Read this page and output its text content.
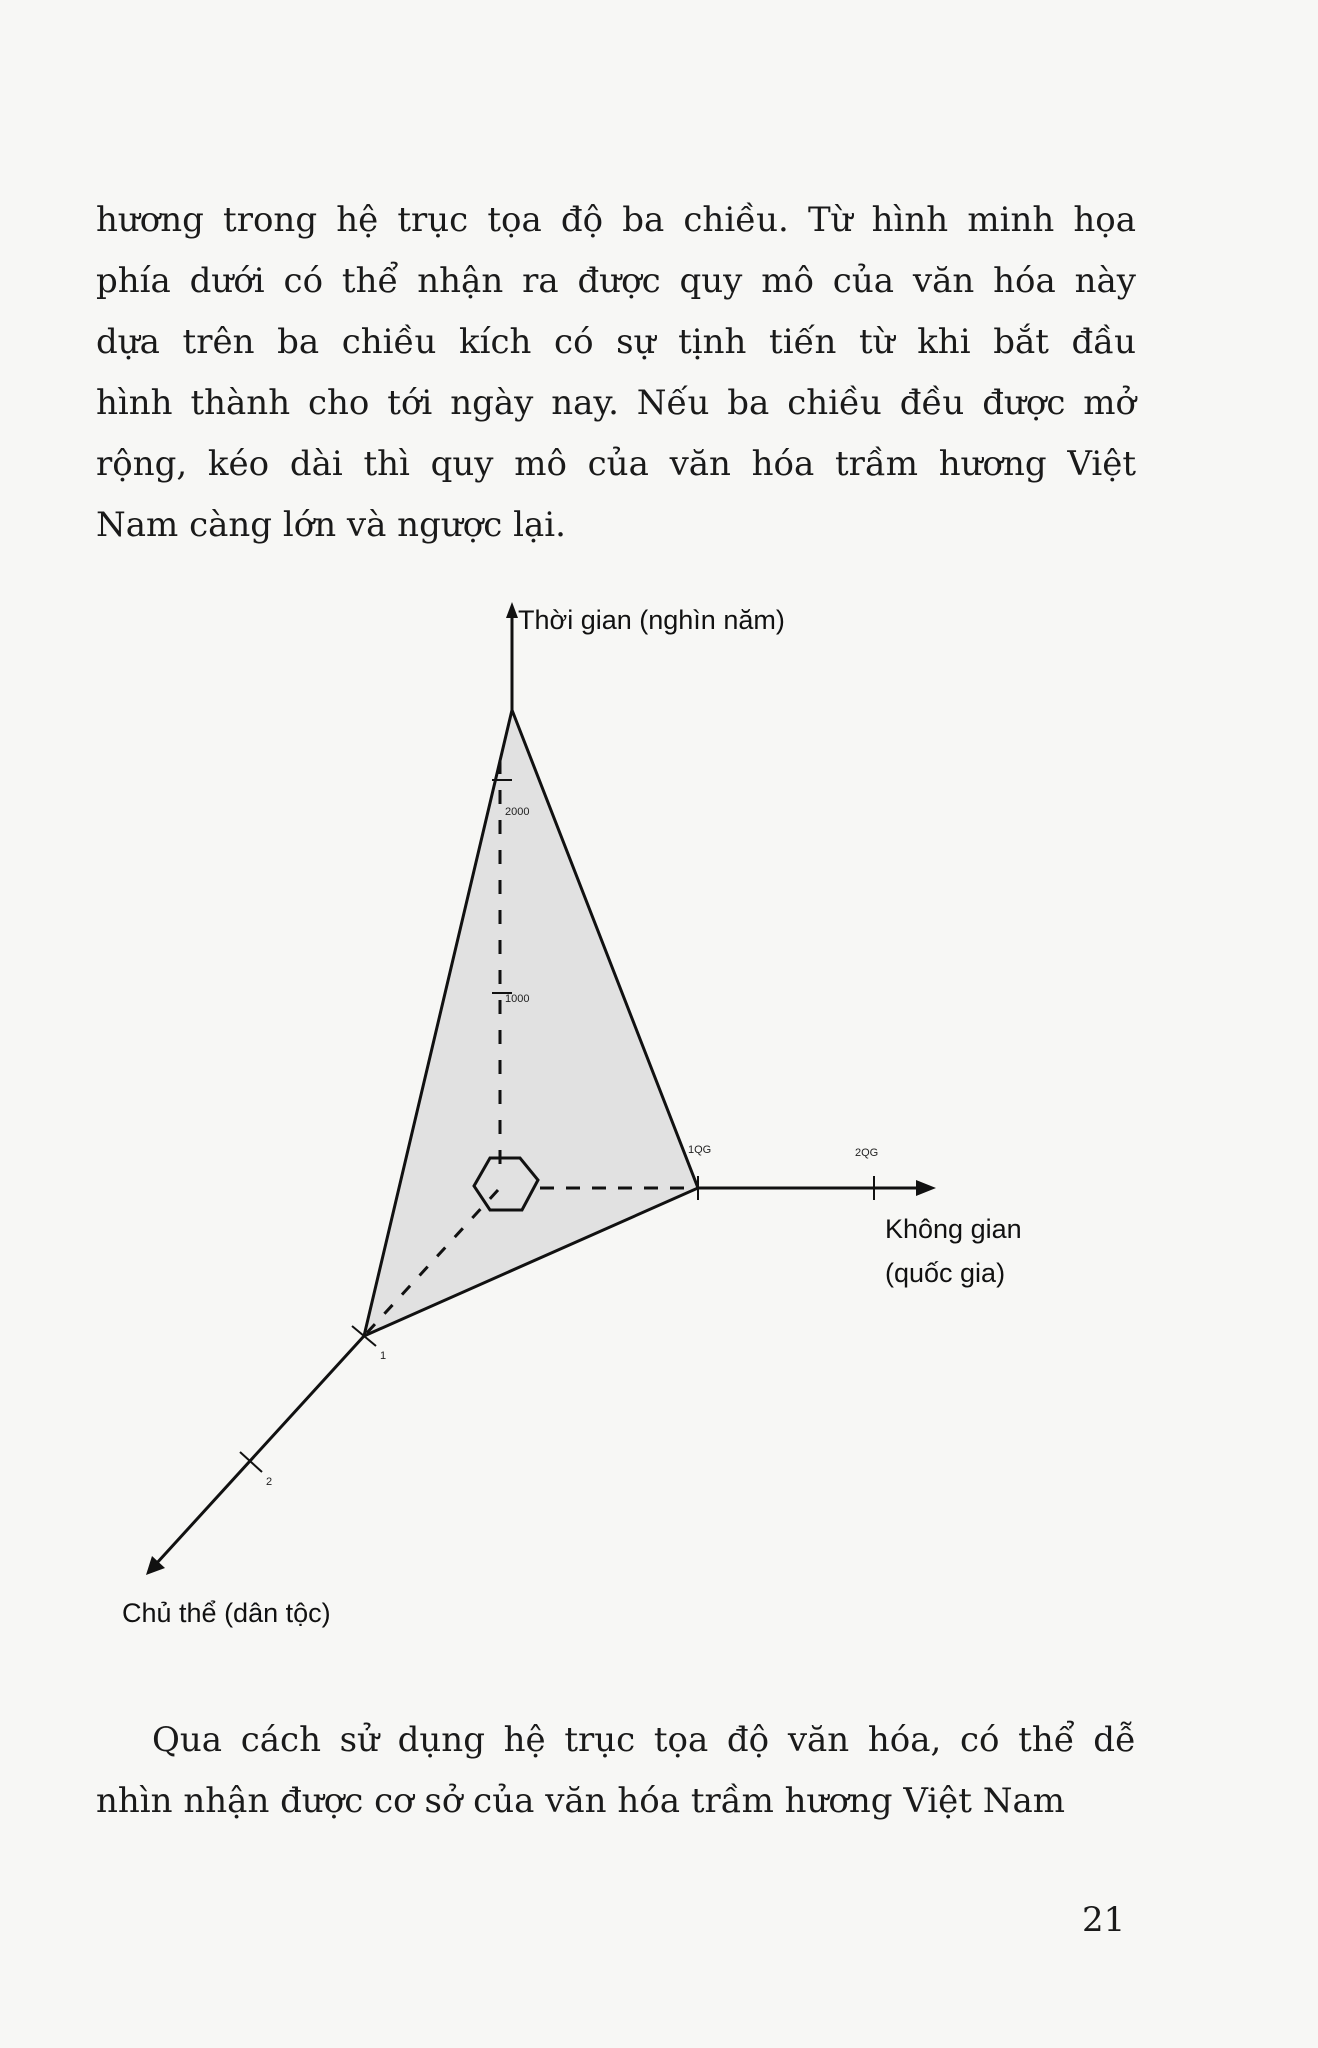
hương trong hệ trục tọa độ ba chiều. Từ hình minh họa
phía dưới có thể nhận ra được quy mô của văn hóa này
dựa trên ba chiều kích có sự tịnh tiến từ khi bắt đầu
hình thành cho tới ngày nay. Nếu ba chiều đều được mở
rộng, kéo dài thì quy mô của văn hóa trầm hương Việt
Nam càng lớn và ngược lại.
Thời gian (nghìn năm)
Không gian
(quốc gia)
Chủ thể (dân tộc)
2000
1000
1QG	2QG
1
2
Qua cách sử dụng hệ trục tọa độ văn hóa, có thể dễ
nhìn nhận được cơ sở của văn hóa trầm hương Việt Nam
21
